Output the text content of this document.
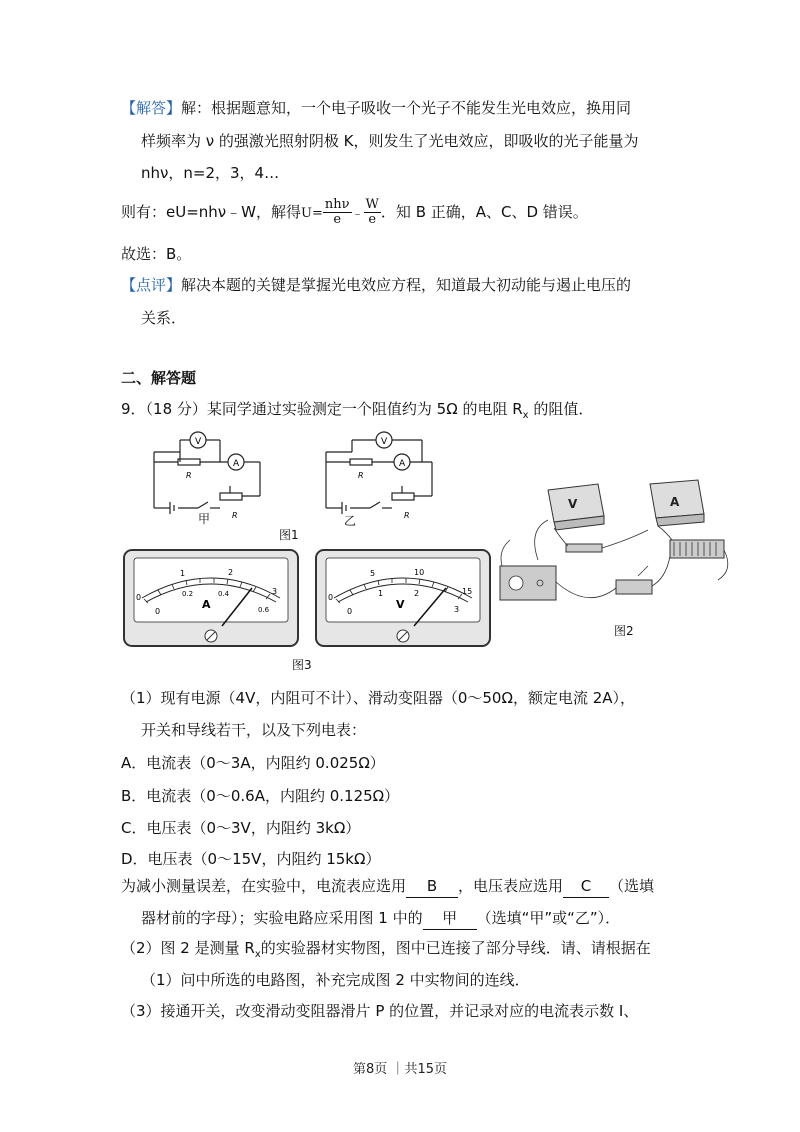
【解答】解：根据题意知，一个电子吸收一个光子不能发生光电效应，换用同
样频率为 ν 的强激光照射阴极 K，则发生了光电效应，即吸收的光子能量为
nhν，n=2，3，4…
则有：eU=nhν﹣W，解得$U= \frac{\text{nhν}}{e}$ ﹣ $\frac{W}{e}$ ．知 B 正确，A、C、D 错误。
故选：B。
【点评】解决本题的关键是掌握光电效应方程，知道最大初动能与遏止电压的
关系．
二、解答题
9．（18 分）某同学通过实验测定一个阻值约为 5Ω 的电阻 $R_x$ 的阻值．
V
A
R
R
甲
V
A
R
R
乙
图1
0
1	2
3
0
0.2	0.4
0.6
A
0
5	10
15
0
1	2
3
V
图3
V	A
图2
（1）现有电源（4V，内阻可不计）、滑动变阻器（0～50Ω，额定电流 2A），
开关和导线若干，以及下列电表：
A．电流表（0～3A，内阻约 0.025Ω）
B．电流表（0～0.6A，内阻约 0.125Ω）
C．电压表（0～3V，内阻约 3kΩ）
D．电压表（0～15V，内阻约 15kΩ）
为减小测量误差，在实验中，电流表应选用 B ，电压表应选用 C （选填
器材前的字母）；实验电路应采用图 1 中的 甲 （选填“甲”或“乙”）．
（2）图 2 是测量 $R_x$的实验器材实物图，图中已连接了部分导线．请、请根据在
（1）问中所选的电路图，补充完成图 2 中实物间的连线．
（3）接通开关，改变滑动变阻器滑片 P 的位置，并记录对应的电流表示数 I、
第8页 ｜共15页
